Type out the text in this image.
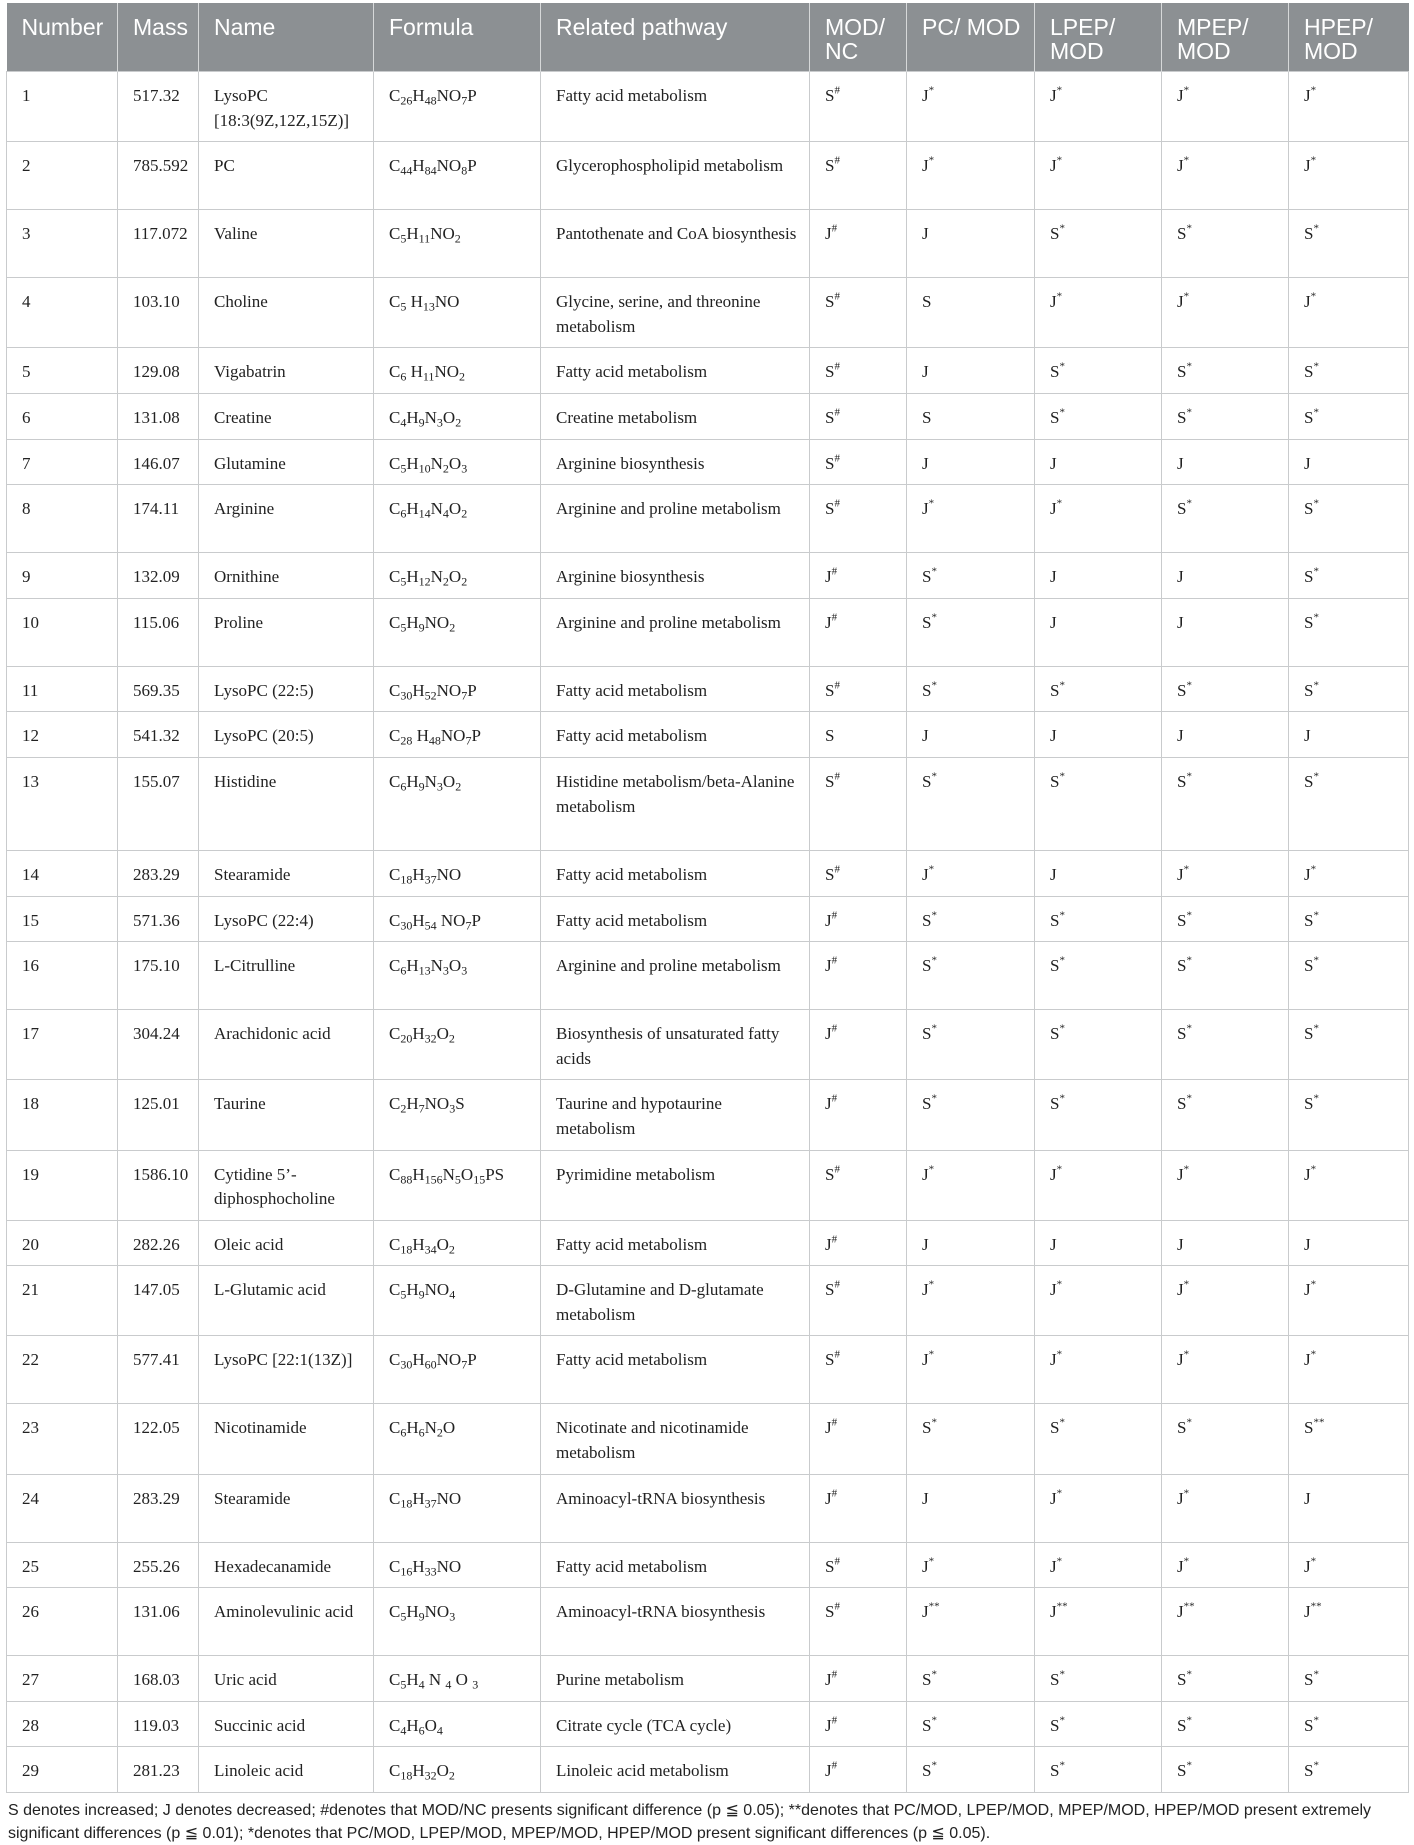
Number	Mass	Name	Formula	Related pathway	MOD/ NC	PC/ MOD	LPEP/ MOD	MPEP/ MOD	HPEP/ MOD
1	517.32	LysoPC [18:3(9Z,12Z,15Z)]	$C_{26}H_{48}NO_7P$	Fatty acid metabolism	S#	J*	J*	J*	J*
2	785.592	PC	$C_{44}H_{84}NO_8P$	Glycerophospholipid metabolism	S#	J*	J*	J*	J*
3	117.072	Valine	$C_5H_{11}NO_2$	Pantothenate and CoA biosynthesis	J#	J	S*	S*	S*
4	103.10	Choline	$C_5$ $H_{13}NO$	Glycine, serine, and threonine metabolism	S#	S	J*	J*	J*
5	129.08	Vigabatrin	$C_6$ $H_{11}NO_2$	Fatty acid metabolism	S#	J	S*	S*	S*
6	131.08	Creatine	$C_4H_9N_3O_2$	Creatine metabolism	S#	S	S*	S*	S*
7	146.07	Glutamine	$C_5H_{10}N_2O_3$	Arginine biosynthesis	S#	J	J	J	J
8	174.11	Arginine	$C_6H_{14}N_4O_2$	Arginine and proline metabolism	S#	J*	J*	S*	S*
9	132.09	Ornithine	$C_5H_{12}N_2O_2$	Arginine biosynthesis	J#	S*	J	J	S*
10	115.06	Proline	$C_5H_9NO_2$	Arginine and proline metabolism	J#	S*	J	J	S*
11	569.35	LysoPC (22:5)	$C_{30}H_{52}NO_7P$	Fatty acid metabolism	S#	S*	S*	S*	S*
12	541.32	LysoPC (20:5)	$C_{28}$ $H_{48}NO_7P$	Fatty acid metabolism	S	J	J	J	J
13	155.07	Histidine	$C_6H_9N_3O_2$	Histidine metabolism/beta-Alanine metabolism	S#	S*	S*	S*	S*
14	283.29	Stearamide	$C_{18}H_{37}NO$	Fatty acid metabolism	S#	J*	J	J*	J*
15	571.36	LysoPC (22:4)	$C_{30}H_{54}$ $NO_7P$	Fatty acid metabolism	J#	S*	S*	S*	S*
16	175.10	L-Citrulline	$C_6H_{13}N_3O_3$	Arginine and proline metabolism	J#	S*	S*	S*	S*
17	304.24	Arachidonic acid	$C_{20}H_{32}O_2$	Biosynthesis of unsaturated fatty acids	J#	S*	S*	S*	S*
18	125.01	Taurine	$C_2H_7NO_3S$	Taurine and hypotaurine metabolism	J#	S*	S*	S*	S*
19	1586.10	Cytidine 5’-diphosphocholine	$C_{88}H_{156}N_5O_{15}PS$	Pyrimidine metabolism	S#	J*	J*	J*	J*
20	282.26	Oleic acid	$C_{18}H_{34}O_2$	Fatty acid metabolism	J#	J	J	J	J
21	147.05	L-Glutamic acid	$C_5H_9NO_4$	D-Glutamine and D-glutamate metabolism	S#	J*	J*	J*	J*
22	577.41	LysoPC [22:1(13Z)]	$C_{30}H_{60}NO_7P$	Fatty acid metabolism	S#	J*	J*	J*	J*
23	122.05	Nicotinamide	$C_6H_6N_2O$	Nicotinate and nicotinamide metabolism	J#	S*	S*	S*	S**
24	283.29	Stearamide	$C_{18}H_{37}NO$	Aminoacyl-tRNA biosynthesis	J#	J	J*	J*	J
25	255.26	Hexadecanamide	$C_{16}H_{33}NO$	Fatty acid metabolism	S#	J*	J*	J*	J*
26	131.06	Aminolevulinic acid	$C_5H_9NO_3$	Aminoacyl-tRNA biosynthesis	S#	J**	J**	J**	J**
27	168.03	Uric acid	$C_5H_4$ N $_4$ O $_3$	Purine metabolism	J#	S*	S*	S*	S*
28	119.03	Succinic acid	$C_4H_6O_4$	Citrate cycle (TCA cycle)	J#	S*	S*	S*	S*
29	281.23	Linoleic acid	$C_{18}H_{32}O_2$	Linoleic acid metabolism	J#	S*	S*	S*	S*
S denotes increased; J denotes decreased; #denotes that MOD/NC presents significant difference (p ≦ 0.05); **denotes that PC/MOD, LPEP/MOD, MPEP/MOD, HPEP/MOD present extremely significant differences (p ≦ 0.01); *denotes that PC/MOD, LPEP/MOD, MPEP/MOD, HPEP/MOD present significant differences (p ≦ 0.05).
